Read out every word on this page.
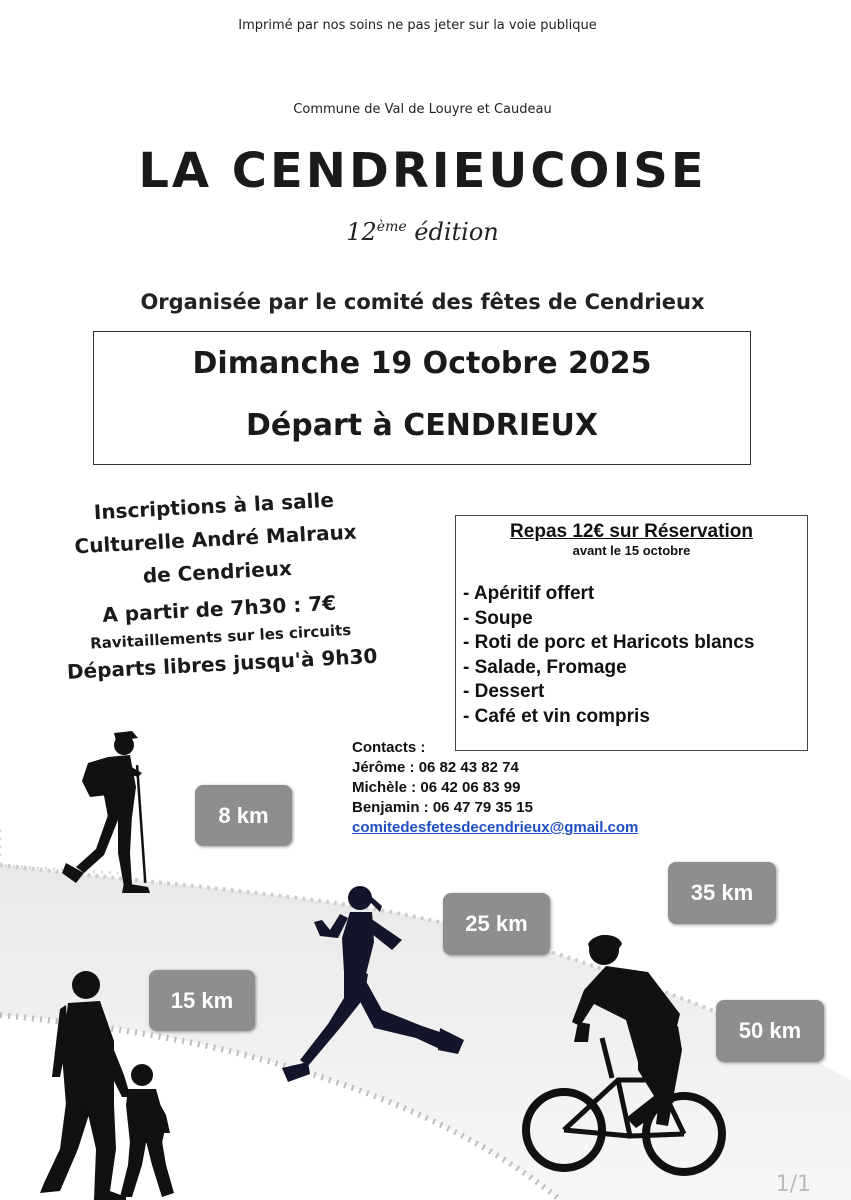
Imprimé par nos soins ne pas jeter sur la voie publique
Commune de Val de Louyre et Caudeau
LA CENDRIEUCOISE
12ème édition
Organisée par le comité des fêtes de Cendrieux
Dimanche 19 Octobre 2025
Départ à CENDRIEUX
Inscriptions à la salle
Culturelle André Malraux
de Cendrieux
A partir de 7h30 : 7€
Ravitaillements sur les circuits
Départs libres jusqu'à 9h30
Repas 12€ sur Réservation
avant le 15 octobre
- Apéritif offert
- Soupe
- Roti de porc et Haricots blancs
- Salade, Fromage
- Dessert
- Café et vin compris
Contacts :
Jérôme : 06 82 43 82 74
Michèle : 06 42 06 83 99
Benjamin : 06 47 79 35 15
comitedesfetesdecendrieux@gmail.com
8 km
15 km
25 km
35 km
50 km
1/1
